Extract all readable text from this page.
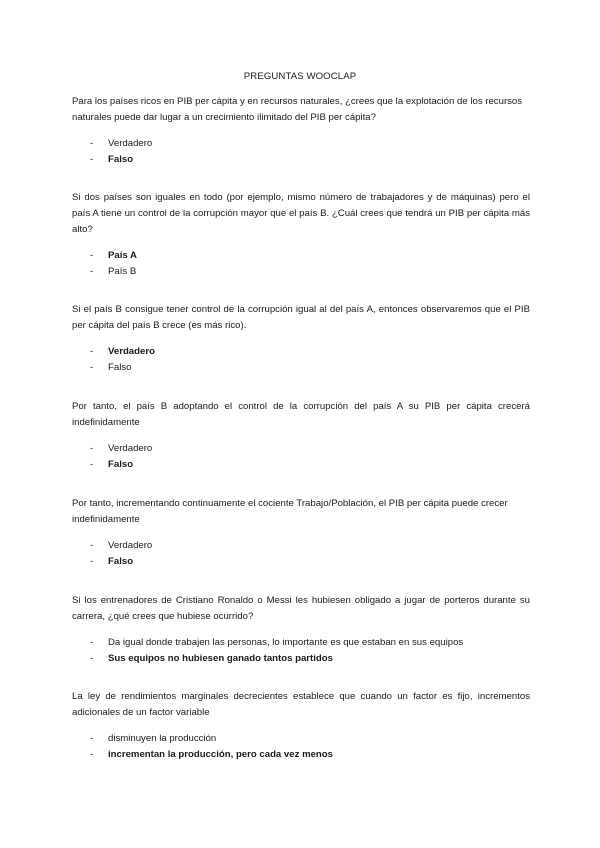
PREGUNTAS WOOCLAP

Para los países ricos en PIB per cápita y en recursos naturales, ¿crees que la explotación de los recursos naturales puede dar lugar a un crecimiento ilimitado del PIB per cápita?

- Verdadero
- Falso

Si dos países son iguales en todo (por ejemplo, mismo número de trabajadores y de máquinas) pero el país A tiene un control de la corrupción mayor que el país B. ¿Cuál crees que tendrá un PIB per cápita más alto?

- País A
- País B

Si el país B consigue tener control de la corrupción igual al del país A, entonces observaremos que el PIB per cápita del país B crece (es más rico).

- Verdadero
- Falso

Por tanto, el país B adoptando el control de la corrupción del país A su PIB per cápita crecerá indefinidamente

- Verdadero
- Falso

Por tanto, incrementando continuamente el cociente Trabajo/Población, el PIB per cápita puede crecer indefinidamente

- Verdadero
- Falso

Si los entrenadores de Cristiano Ronaldo o Messi les hubiesen obligado a jugar de porteros durante su carrera, ¿qué crees que hubiese ocurrido?

- Da igual donde trabajen las personas, lo importante es que estaban en sus equipos
- Sus equipos no hubiesen ganado tantos partidos

La ley de rendimientos marginales decrecientes establece que cuando un factor es fijo, incrementos adicionales de un factor variable

- disminuyen la producción
- incrementan la producción, pero cada vez menos
